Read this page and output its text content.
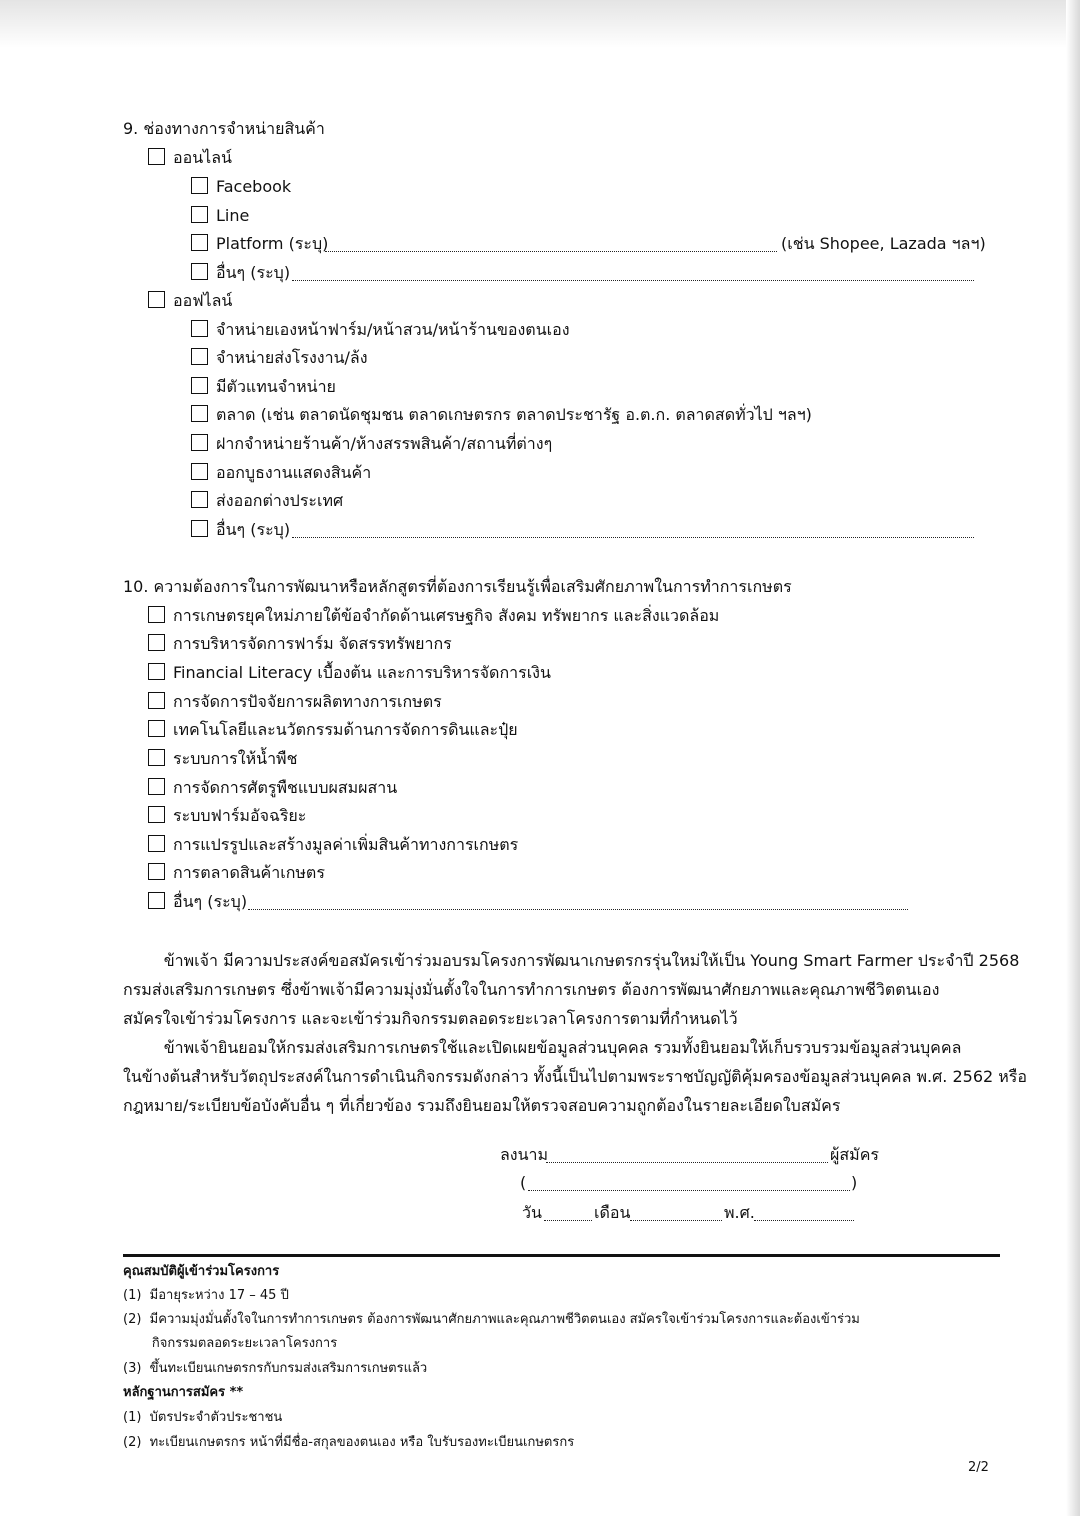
9. ช่องทางการจำหน่ายสินค้า
ออนไลน์
Facebook
Line
Platform (ระบุ)	(เช่น Shopee, Lazada ฯลฯ)
อื่นๆ (ระบุ)
ออฟไลน์
จำหน่ายเองหน้าฟาร์ม/หน้าสวน/หน้าร้านของตนเอง
จำหน่ายส่งโรงงาน/ล้ง
มีตัวแทนจำหน่าย
ตลาด (เช่น ตลาดนัดชุมชน ตลาดเกษตรกร ตลาดประชารัฐ อ.ต.ก. ตลาดสดทั่วไป ฯลฯ)
ฝากจำหน่ายร้านค้า/ห้างสรรพสินค้า/สถานที่ต่างๆ
ออกบูธงานแสดงสินค้า
ส่งออกต่างประเทศ
อื่นๆ (ระบุ)
10. ความต้องการในการพัฒนาหรือหลักสูตรที่ต้องการเรียนรู้เพื่อเสริมศักยภาพในการทำการเกษตร
การเกษตรยุคใหม่ภายใต้ข้อจำกัดด้านเศรษฐกิจ สังคม ทรัพยากร และสิ่งแวดล้อม
การบริหารจัดการฟาร์ม จัดสรรทรัพยากร
Financial Literacy เบื้องต้น และการบริหารจัดการเงิน
การจัดการปัจจัยการผลิตทางการเกษตร
เทคโนโลยีและนวัตกรรมด้านการจัดการดินและปุ๋ย
ระบบการให้น้ำพืช
การจัดการศัตรูพืชแบบผสมผสาน
ระบบฟาร์มอัจฉริยะ
การแปรรูปและสร้างมูลค่าเพิ่มสินค้าทางการเกษตร
การตลาดสินค้าเกษตร
อื่นๆ (ระบุ)

ข้าพเจ้า มีความประสงค์ขอสมัครเข้าร่วมอบรมโครงการพัฒนาเกษตรกรรุ่นใหม่ให้เป็น Young Smart Farmer ประจำปี 2568

กรมส่งเสริมการเกษตร ซึ่งข้าพเจ้ามีความมุ่งมั่นตั้งใจในการทำการเกษตร ต้องการพัฒนาศักยภาพและคุณภาพชีวิตตนเอง

สมัครใจเข้าร่วมโครงการ และจะเข้าร่วมกิจกรรมตลอดระยะเวลาโครงการตามที่กำหนดไว้

ข้าพเจ้ายินยอมให้กรมส่งเสริมการเกษตรใช้และเปิดเผยข้อมูลส่วนบุคคล รวมทั้งยินยอมให้เก็บรวบรวมข้อมูลส่วนบุคคล

ในข้างต้นสำหรับวัตถุประสงค์ในการดำเนินกิจกรรมดังกล่าว ทั้งนี้เป็นไปตามพระราชบัญญัติคุ้มครองข้อมูลส่วนบุคคล พ.ศ. 2562 หรือ

กฎหมาย/ระเบียบข้อบังคับอื่น ๆ ที่เกี่ยวข้อง รวมถึงยินยอมให้ตรวจสอบความถูกต้องในรายละเอียดใบสมัคร

ลงนาม	ผู้สมัคร
(	)
วัน	เดือน	พ.ศ.
คุณสมบัติผู้เข้าร่วมโครงการ
(1)  มีอายุระหว่าง 17 – 45 ปี
(2)  มีความมุ่งมั่นตั้งใจในการทำการเกษตร ต้องการพัฒนาศักยภาพและคุณภาพชีวิตตนเอง สมัครใจเข้าร่วมโครงการและต้องเข้าร่วม
กิจกรรมตลอดระยะเวลาโครงการ
(3)  ขึ้นทะเบียนเกษตรกรกับกรมส่งเสริมการเกษตรแล้ว
หลักฐานการสมัคร **
(1)  บัตรประจำตัวประชาชน
(2)  ทะเบียนเกษตรกร หน้าที่มีชื่อ-สกุลของตนเอง หรือ ใบรับรองทะเบียนเกษตรกร
2/2
